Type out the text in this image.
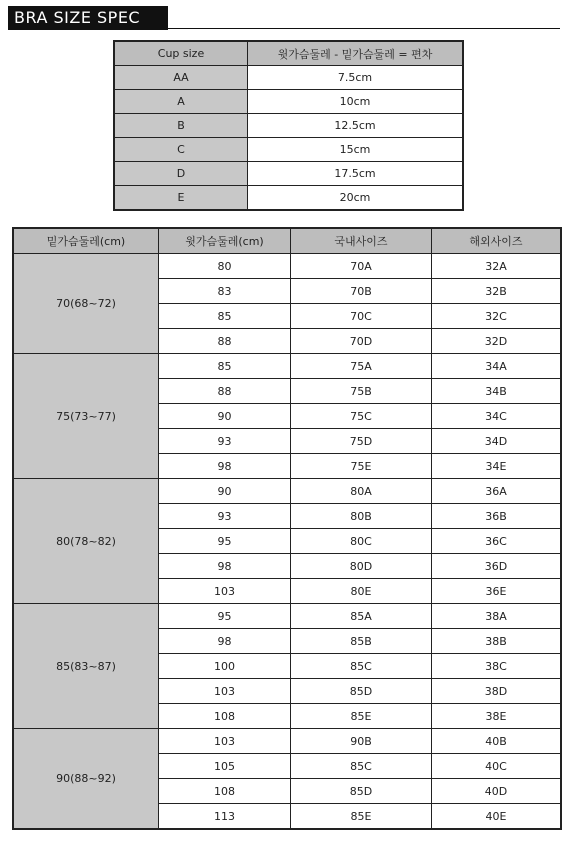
BRA SIZE SPEC
Cup size	윗가슴둘레 - 밑가슴둘레 = 편차
AA	7.5cm
A	10cm
B	12.5cm
C	15cm
D	17.5cm
E	20cm
밑가슴둘레(cm)	윗가슴둘레(cm)	국내사이즈	해외사이즈
70(68~72)	80	70A	32A
	83	70B	32B
	85	70C	32C
	88	70D	32D
75(73~77)	85	75A	34A
	88	75B	34B
	90	75C	34C
	93	75D	34D
	98	75E	34E
80(78~82)	90	80A	36A
	93	80B	36B
	95	80C	36C
	98	80D	36D
	103	80E	36E
85(83~87)	95	85A	38A
	98	85B	38B
	100	85C	38C
	103	85D	38D
	108	85E	38E
90(88~92)	103	90B	40B
	105	85C	40C
	108	85D	40D
	113	85E	40E
